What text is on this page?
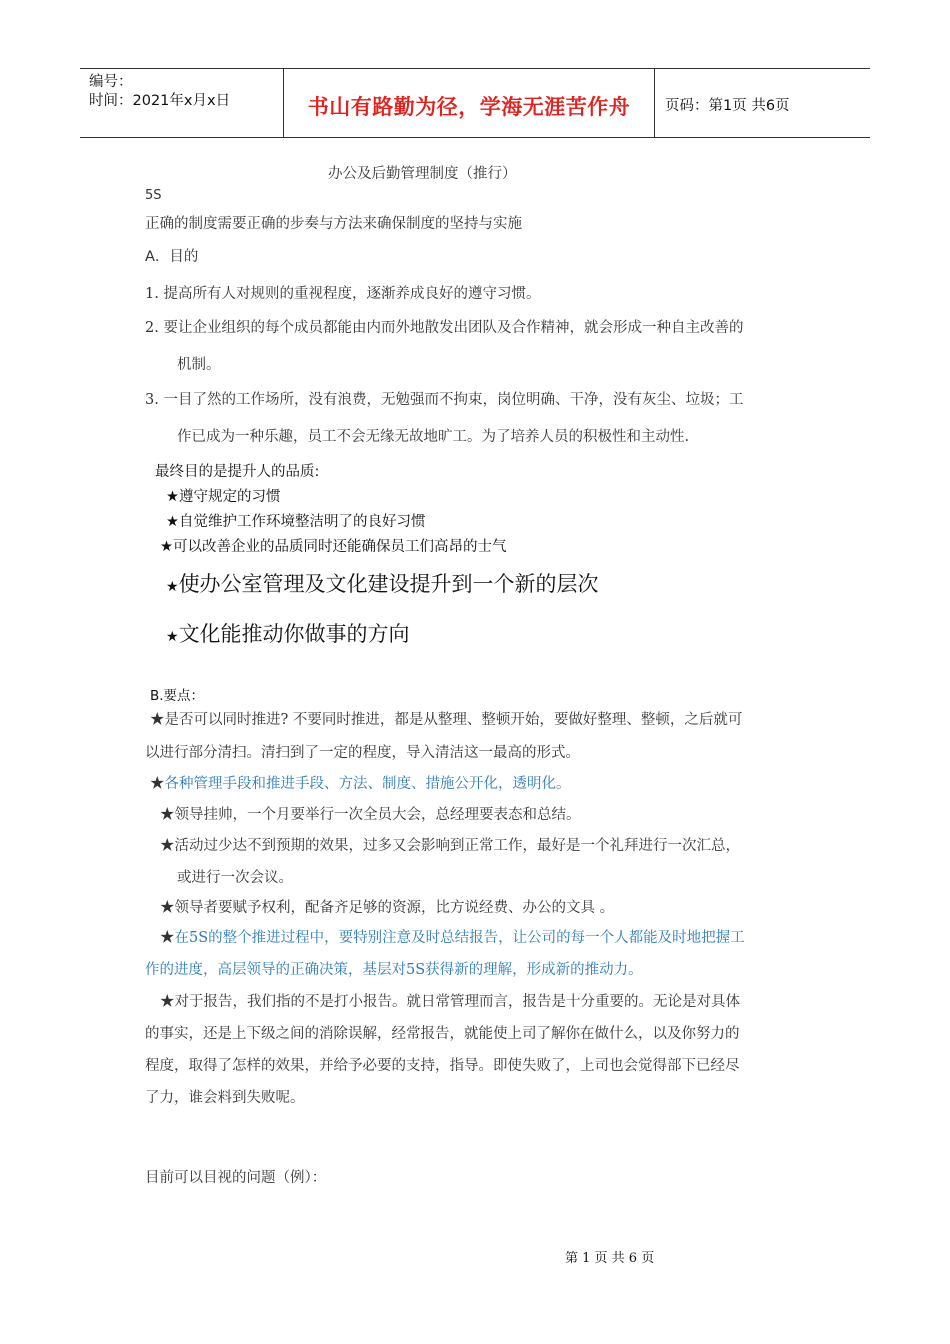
编号：
时间：2021年x月x日	书山有路勤为径，学海无涯苦作舟	页码：第1页 共6页
办公及后勤管理制度（推行）
5S
正确的制度需要正确的步奏与方法来确保制度的坚持与实施
A．目的
1. 提高所有人对规则的重视程度，逐渐养成良好的遵守习惯。
2. 要让企业组织的每个成员都能由内而外地散发出团队及合作精神，就会形成一种自主改善的
机制。
3. 一目了然的工作场所，没有浪费，无勉强而不拘束，岗位明确、干净，没有灰尘、垃圾；工
作已成为一种乐趣，员工不会无缘无故地旷工。为了培养人员的积极性和主动性.
最终目的是提升人的品质:
★遵守规定的习惯
★自觉维护工作环境整洁明了的良好习惯
★可以改善企业的品质同时还能确保员工们高昂的士气
★使办公室管理及文化建设提升到一个新的层次
★文化能推动你做事的方向
B.要点：
★是否可以同时推进? 不要同时推进，都是从整理、整顿开始，要做好整理、整顿，之后就可
以进行部分清扫。清扫到了一定的程度，导入清洁这一最高的形式。
★各种管理手段和推进手段、方法、制度、措施公开化，透明化。
★领导挂帅，一个月要举行一次全员大会，总经理要表态和总结。
★活动过少达不到预期的效果，过多又会影响到正常工作，最好是一个礼拜进行一次汇总，
或进行一次会议。
★领导者要赋予权利，配备齐足够的资源，比方说经费、办公的文具 。
★在5S的整个推进过程中，要特别注意及时总结报告，让公司的每一个人都能及时地把握工
作的进度，高层领导的正确决策，基层对5S获得新的理解，形成新的推动力。
★对于报告，我们指的不是打小报告。就日常管理而言，报告是十分重要的。无论是对具体
的事实，还是上下级之间的消除误解，经常报告，就能使上司了解你在做什么，以及你努力的
程度，取得了怎样的效果，并给予必要的支持，指导。即使失败了，上司也会觉得部下已经尽
了力，谁会料到失败呢。
目前可以目视的问题（例）：
第 1 页 共 6 页
